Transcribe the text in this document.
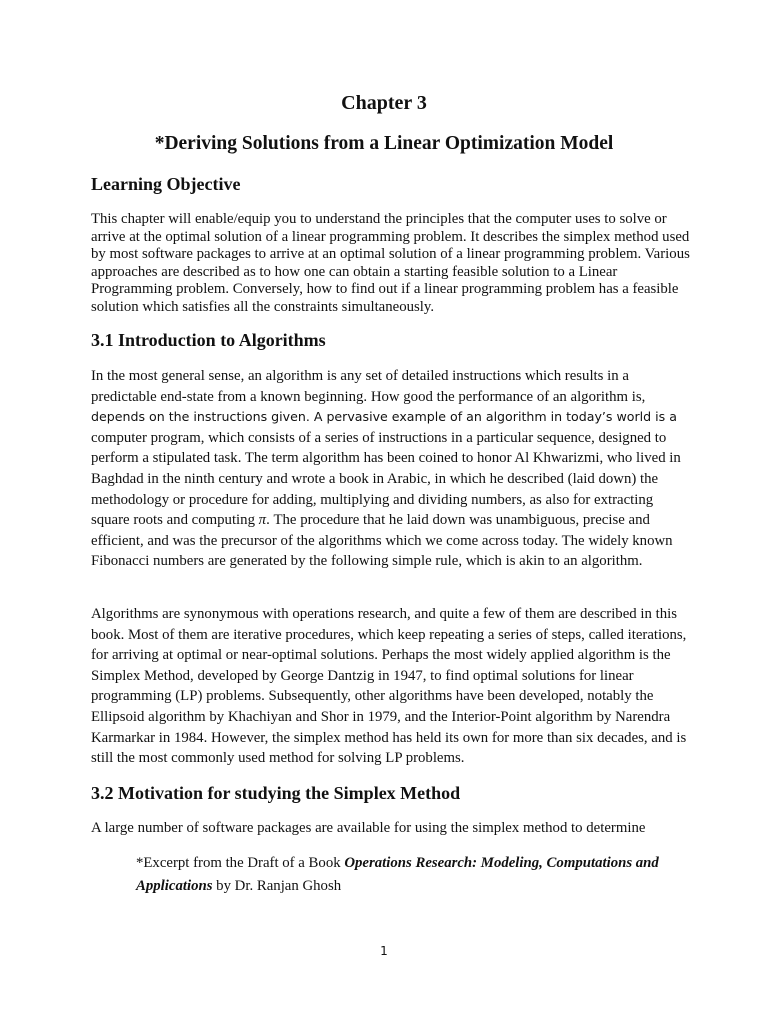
Chapter 3
*Deriving Solutions from a Linear Optimization Model
Learning Objective

This chapter will enable/equip you to understand the principles that the computer uses to solve or arrive at the optimal solution of a linear programming problem. It describes the simplex method used by most software packages to arrive at an optimal solution of a linear programming problem. Various approaches are described as to how one can obtain a starting feasible solution to a Linear Programming problem. Conversely, how to find out if a linear programming problem has a feasible solution which satisfies all the constraints simultaneously.

3.1 Introduction to Algorithms

In the most general sense, an algorithm is any set of detailed instructions which results in a predictable end-state from a known beginning. How good the performance of an algorithm is, depends on the instructions given. A pervasive example of an algorithm in today’s world is a computer program, which consists of a series of instructions in a particular sequence, designed to perform a stipulated task. The term algorithm has been coined to honor Al Khwarizmi, who lived in Baghdad in the ninth century and wrote a book in Arabic, in which he described (laid down) the methodology or procedure for adding, multiplying and dividing numbers, as also for extracting square roots and computing π. The procedure that he laid down was unambiguous, precise and efficient, and was the precursor of the algorithms which we come across today. The widely known Fibonacci numbers are generated by the following simple rule, which is akin to an algorithm.

Algorithms are synonymous with operations research, and quite a few of them are described in this book. Most of them are iterative procedures, which keep repeating a series of steps, called iterations, for arriving at optimal or near-optimal solutions. Perhaps the most widely applied algorithm is the Simplex Method, developed by George Dantzig in 1947, to find optimal solutions for linear programming (LP) problems. Subsequently, other algorithms have been developed, notably the Ellipsoid algorithm by Khachiyan and Shor in 1979, and the Interior-Point algorithm by Narendra Karmarkar in 1984. However, the simplex method has held its own for more than six decades, and is still the most commonly used method for solving LP problems.

3.2 Motivation for studying the Simplex Method

A large number of software packages are available for using the simplex method to determine

*Excerpt from the Draft of a Book Operations Research: Modeling, Computations and Applications by Dr. Ranjan Ghosh

1
